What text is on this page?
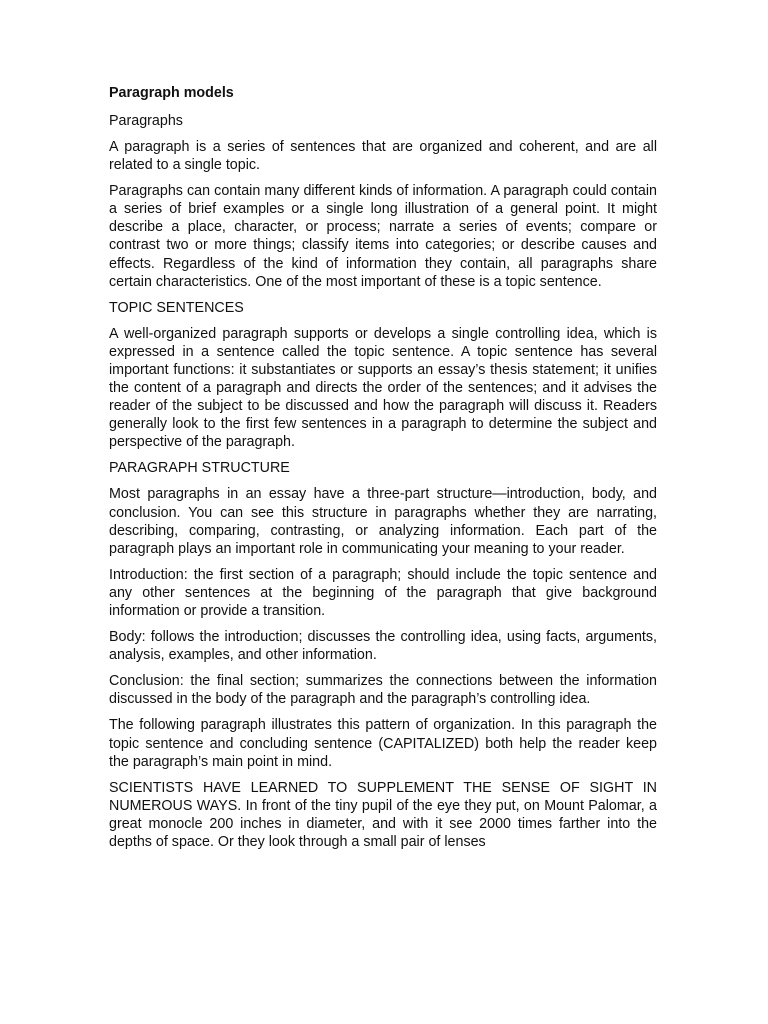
Paragraph models
Paragraphs
A paragraph is a series of sentences that are organized and coherent, and are all related to a single topic.
Paragraphs can contain many different kinds of information. A paragraph could contain a series of brief examples or a single long illustration of a general point. It might describe a place, character, or process; narrate a series of events; compare or contrast two or more things; classify items into categories; or describe causes and effects. Regardless of the kind of information they contain, all paragraphs share certain characteristics. One of the most important of these is a topic sentence.
TOPIC SENTENCES
A well-organized paragraph supports or develops a single controlling idea, which is expressed in a sentence called the topic sentence. A topic sentence has several important functions: it substantiates or supports an essay’s thesis statement; it unifies the content of a paragraph and directs the order of the sentences; and it advises the reader of the subject to be discussed and how the paragraph will discuss it. Readers generally look to the first few sentences in a paragraph to determine the subject and perspective of the paragraph.
PARAGRAPH STRUCTURE
Most paragraphs in an essay have a three-part structure—introduction, body, and conclusion. You can see this structure in paragraphs whether they are narrating, describing, comparing, contrasting, or analyzing information. Each part of the paragraph plays an important role in communicating your meaning to your reader.
Introduction: the first section of a paragraph; should include the topic sentence and any other sentences at the beginning of the paragraph that give background information or provide a transition.
Body: follows the introduction; discusses the controlling idea, using facts, arguments, analysis, examples, and other information.
Conclusion: the final section; summarizes the connections between the information discussed in the body of the paragraph and the paragraph’s controlling idea.
The following paragraph illustrates this pattern of organization. In this paragraph the topic sentence and concluding sentence (CAPITALIZED) both help the reader keep the paragraph’s main point in mind.
SCIENTISTS HAVE LEARNED TO SUPPLEMENT THE SENSE OF SIGHT IN NUMEROUS WAYS. In front of the tiny pupil of the eye they put, on Mount Palomar, a great monocle 200 inches in diameter, and with it see 2000 times farther into the depths of space. Or they look through a small pair of lenses
